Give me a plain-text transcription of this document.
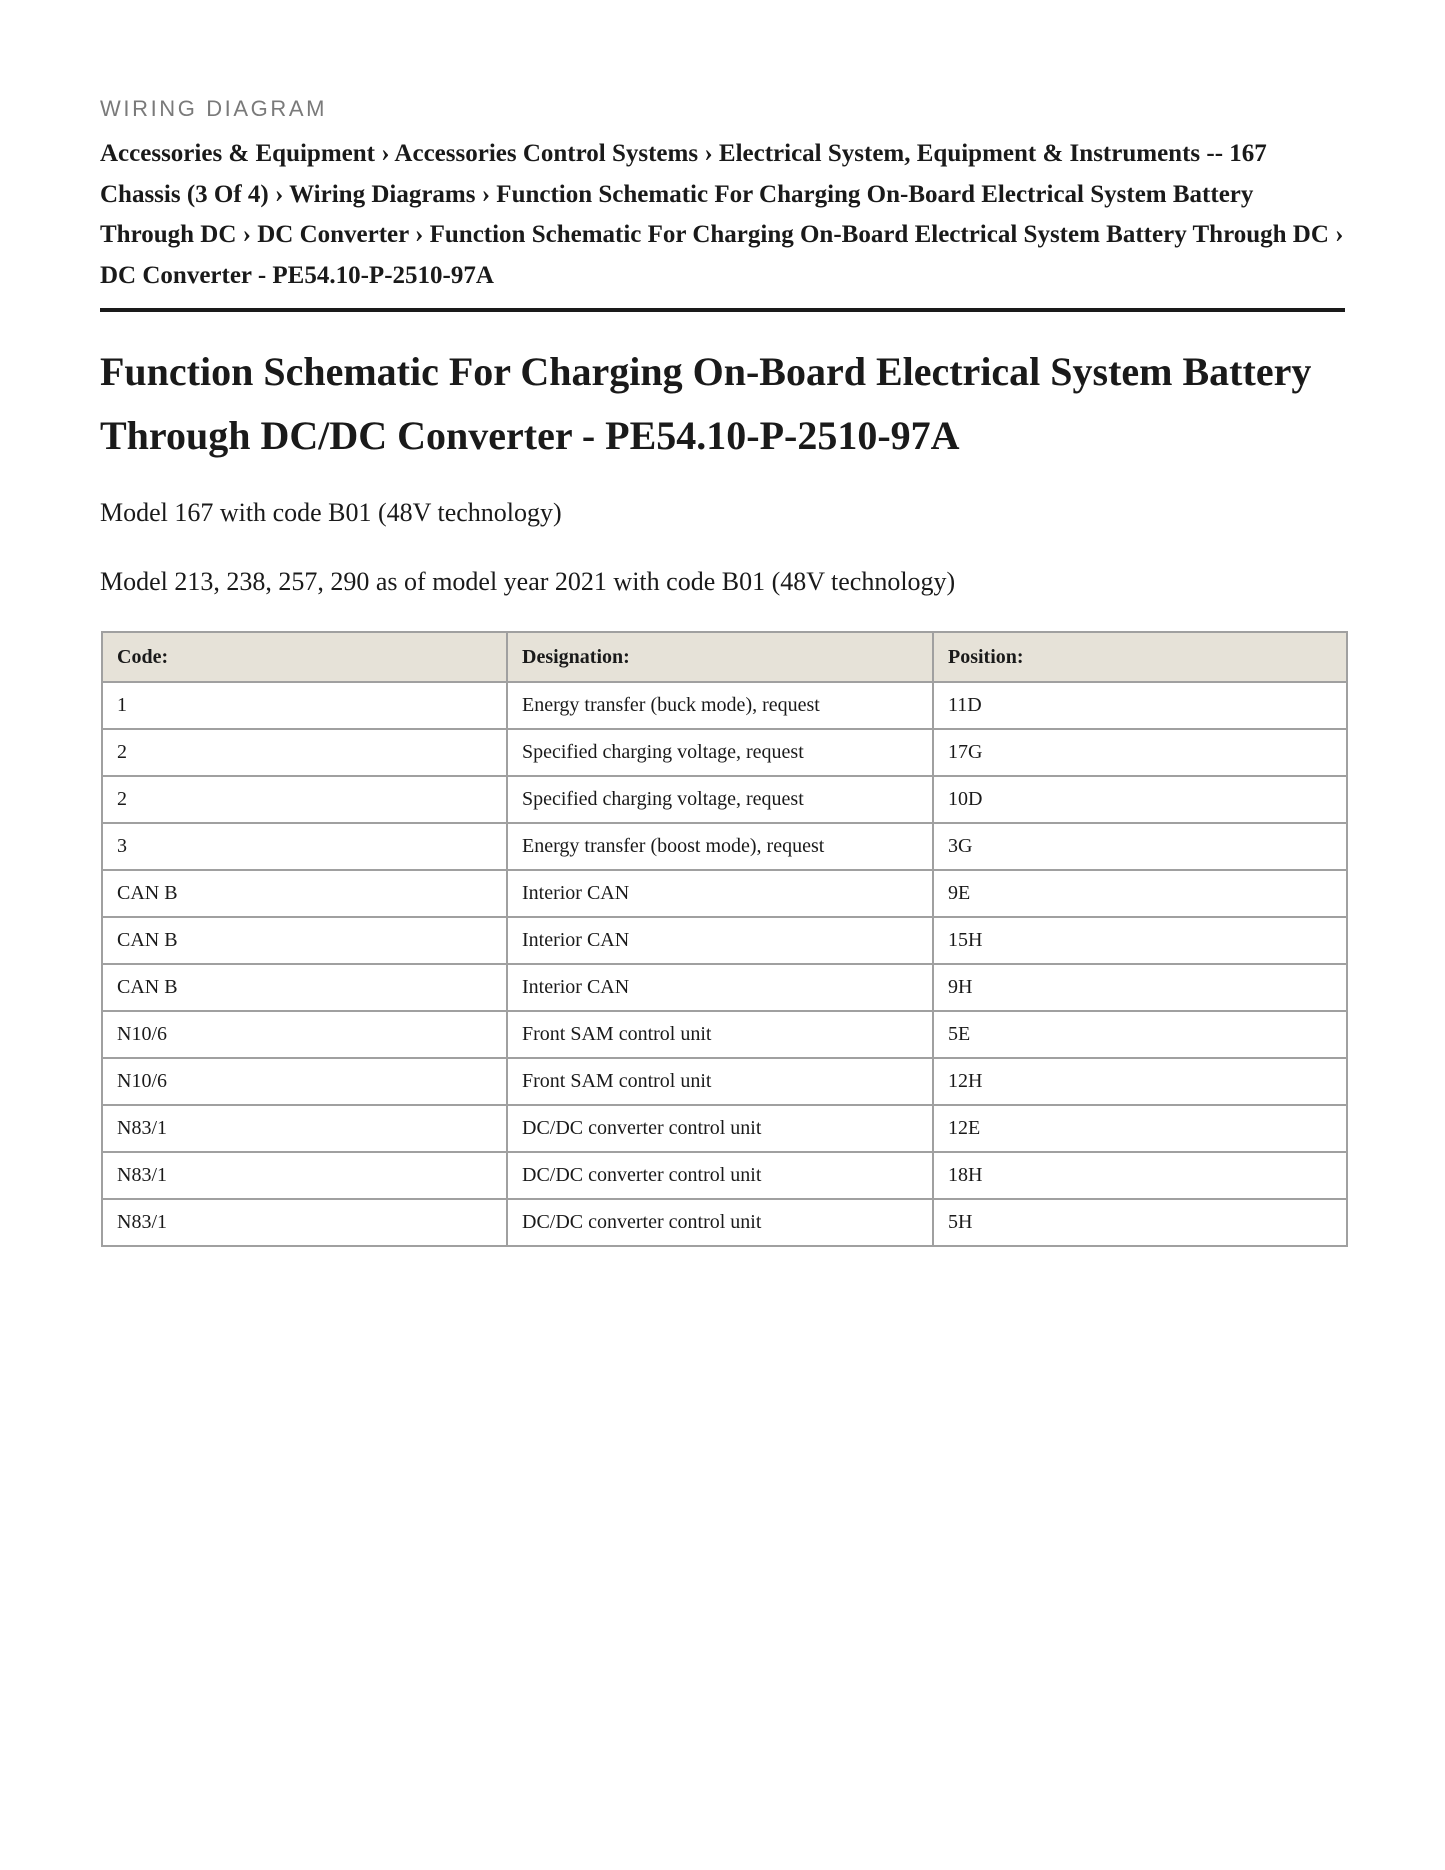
WIRING DIAGRAM
Accessories & Equipment › Accessories Control Systems › Electrical System, Equipment & Instruments -- 167 Chassis (3 Of 4) › Wiring Diagrams › Function Schematic For Charging On-Board Electrical System Battery Through DC › DC Converter › Function Schematic For Charging On-Board Electrical System Battery Through DC › DC Converter - PE54.10-P-2510-97A
Function Schematic For Charging On-Board Electrical System Battery Through DC/DC Converter - PE54.10-P-2510-97A
Model 167 with code B01 (48V technology)
Model 213, 238, 257, 290 as of model year 2021 with code B01 (48V technology)
Code:	Designation:	Position:
1	Energy transfer (buck mode), request	11D
2	Specified charging voltage, request	17G
2	Specified charging voltage, request	10D
3	Energy transfer (boost mode), request	3G
CAN B	Interior CAN	9E
CAN B	Interior CAN	15H
CAN B	Interior CAN	9H
N10/6	Front SAM control unit	5E
N10/6	Front SAM control unit	12H
N83/1	DC/DC converter control unit	12E
N83/1	DC/DC converter control unit	18H
N83/1	DC/DC converter control unit	5H
